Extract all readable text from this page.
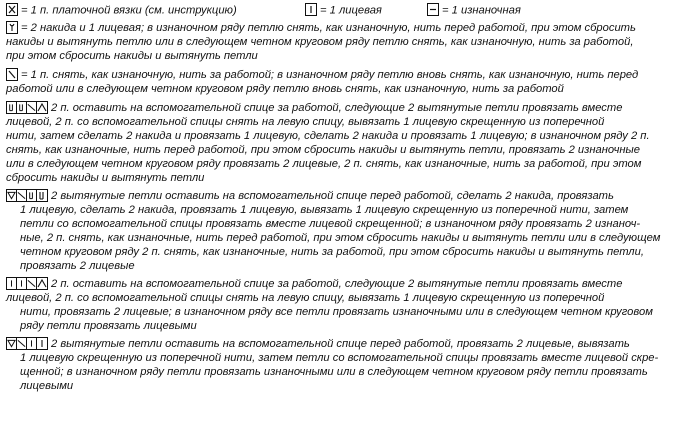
= 1 п. платочной вязки (см. инструкцию)	= 1 лицевая	= 1 изнаночная
= 2 накида и 1 лицевая; в изнаночном ряду петлю снять, как изнаночную, нить перед работой, при этом сбросить
накиды и вытянуть петлю или в следующем четном круговом ряду петлю снять, как изнаночную, нить за работой,
при этом сбросить накиды и вытянуть петли
= 1 п. снять, как изнаночную, нить за работой; в изнаночном ряду петлю вновь снять, как изнаночную, нить перед
работой или в следующем четном круговом ряду петлю вновь снять, как изнаночную, нить за работой
2 п. оставить на вспомогательной спице за работой, следующие 2 вытянутые петли провязать вместе
лицевой, 2 п. со вспомогательной спицы снять на левую спицу, вывязать 1 лицевую скрещенную из поперечной
нити, затем сделать 2 накида и провязать 1 лицевую, сделать 2 накида и провязать 1 лицевую; в изнаночном ряду 2 п.
снять, как изнаночные, нить перед работой, при этом сбросить накиды и вытянуть петли, провязать 2 изнаночные
или в следующем четном круговом ряду провязать 2 лицевые, 2 п. снять, как изнаночные, нить за работой, при этом
сбросить накиды и вытянуть петли
2 вытянутые петли оставить на вспомогательной спице перед работой, сделать 2 накида, провязать
1 лицевую, сделать 2 накида, провязать 1 лицевую, вывязать 1 лицевую скрещенную из поперечной нити, затем
петли со вспомогательной спицы провязать вместе лицевой скрещенной; в изнаночном ряду провязать 2 изнаноч-
ные, 2 п. снять, как изнаночные, нить перед работой, при этом сбросить накиды и вытянуть петли или в следующем
четном круговом ряду 2 п. снять, как изнаночные, нить за работой, при этом сбросить накиды и вытянуть петли,
провязать 2 лицевые
2 п. оставить на вспомогательной спице за работой, следующие 2 вытянутые петли провязать вместе
лицевой, 2 п. со вспомогательной спицы снять на левую спицу, вывязать 1 лицевую скрещенную из поперечной
нити, провязать 2 лицевые; в изнаночном ряду все петли провязать изнаночными или в следующем четном круговом
ряду петли провязать лицевыми
2 вытянутые петли оставить на вспомогательной спице перед работой, провязать 2 лицевые, вывязать
1 лицевую скрещенную из поперечной нити, затем петли со вспомогательной спицы провязать вместе лицевой скре-
щенной; в изнаночном ряду петли провязать изнаночными или в следующем четном круговом ряду петли провязать
лицевыми
